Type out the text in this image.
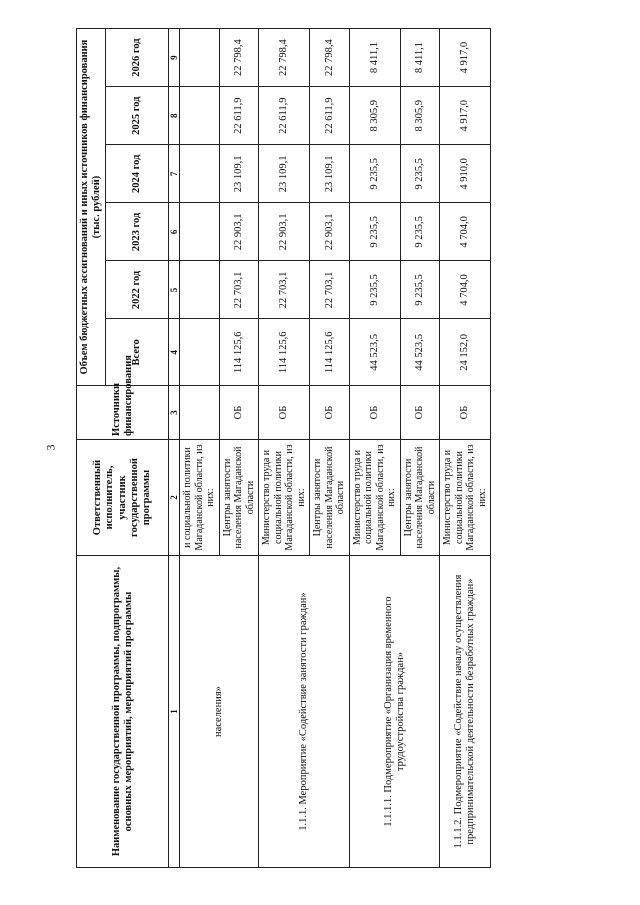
3
Наименование государственной программы, подпрограммы, основных мероприятий, мероприятий программы	Ответственный исполнитель, участник государственной программы	Источники финансирования	Объем бюджетных ассигнований и иных источников финансирования (тыс. рублей)					
			Всего	2022 год	2023 год	2024 год	2025 год	2026 год
1	2	3	4	5	6	7	8	9
населения»	и социальной политики Магаданской области, из них:							
	Центры занятости населения Магаданской области	ОБ	114 125,6	22 703,1	22 903,1	23 109,1	22 611,9	22 798,4
1.1.1. Мероприятие «Содействие занятости граждан»	Министерство труда и социальной политики Магаданской области, из них:	ОБ	114 125,6	22 703,1	22 903,1	23 109,1	22 611,9	22 798,4
	Центры занятости населения Магаданской области	ОБ	114 125,6	22 703,1	22 903,1	23 109,1	22 611,9	22 798,4
1.1.1.1. Подмероприятие «Организация временного трудоустройства граждан»	Министерство труда и социальной политики Магаданской области, из них:	ОБ	44 523,5	9 235,5	9 235,5	9 235,5	8 305,9	8 411,1
	Центры занятости населения Магаданской области	ОБ	44 523,5	9 235,5	9 235,5	9 235,5	8 305,9	8 411,1
1.1.1.2. Подмероприятие «Содействие началу осуществления предпринимательской деятельности безработных граждан»	Министерство труда и социальной политики Магаданской области, из них:	ОБ	24 152,0	4 704,0	4 704,0	4 910,0	4 917,0	4 917,0
